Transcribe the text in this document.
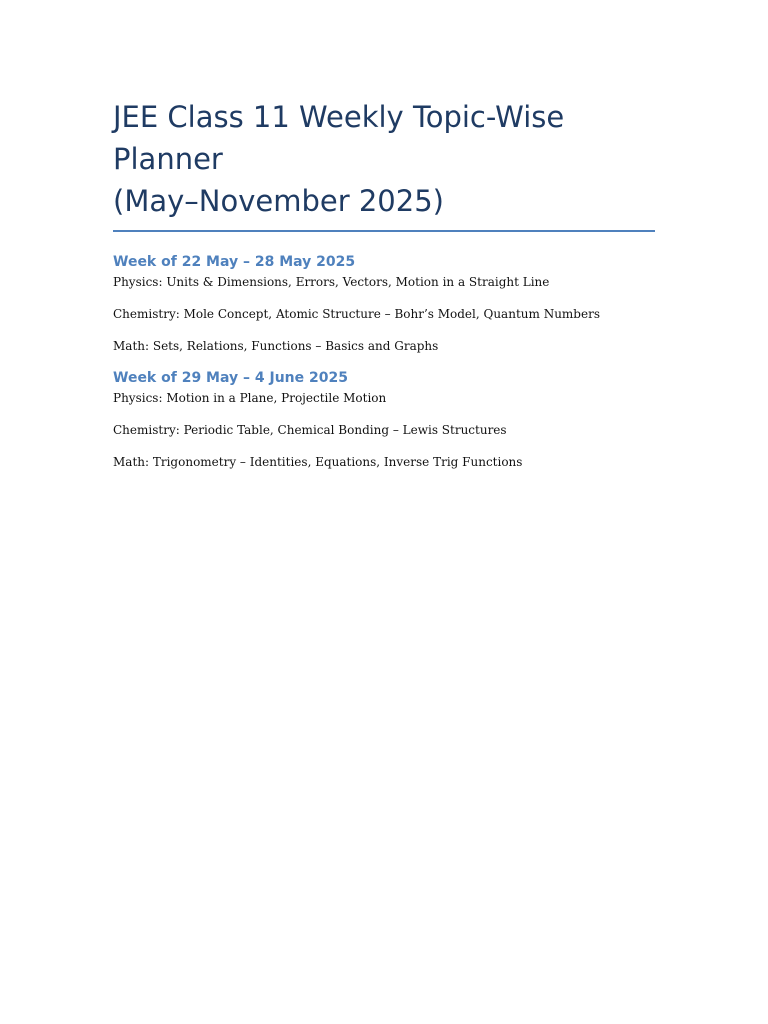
JEE Class 11 Weekly Topic-Wise Planner
(May–November 2025)
Week of 22 May – 28 May 2025

Physics: Units & Dimensions, Errors, Vectors, Motion in a Straight Line

Chemistry: Mole Concept, Atomic Structure – Bohr’s Model, Quantum Numbers

Math: Sets, Relations, Functions – Basics and Graphs

Week of 29 May – 4 June 2025

Physics: Motion in a Plane, Projectile Motion

Chemistry: Periodic Table, Chemical Bonding – Lewis Structures

Math: Trigonometry – Identities, Equations, Inverse Trig Functions
